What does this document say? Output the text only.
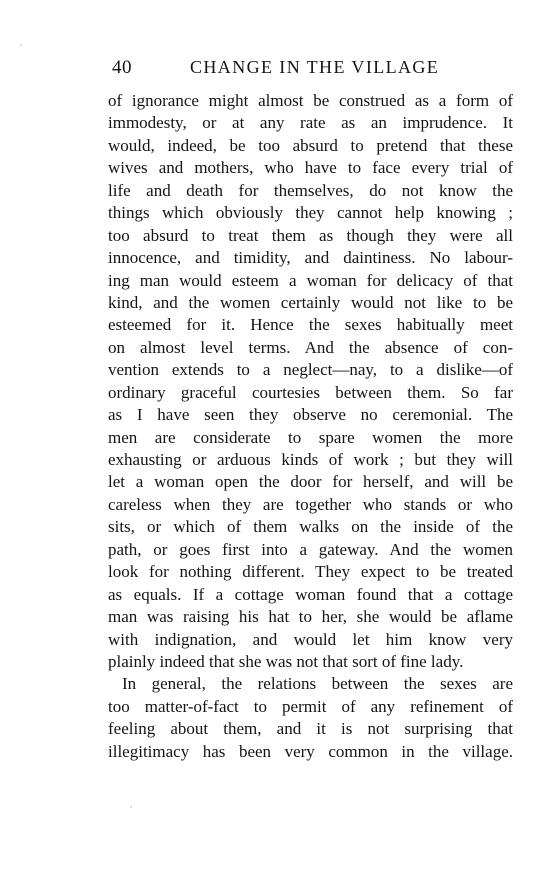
40	CHANGE IN THE VILLAGE
of ignorance might almost be construed as a form of
immodesty, or at any rate as an imprudence. It
would, indeed, be too absurd to pretend that these
wives and mothers, who have to face every trial of
life and death for themselves, do not know the
things which obviously they cannot help knowing ;
too absurd to treat them as though they were all
innocence, and timidity, and daintiness. No labour-
ing man would esteem a woman for delicacy of that
kind, and the women certainly would not like to be
esteemed for it. Hence the sexes habitually meet
on almost level terms. And the absence of con-
vention extends to a neglect—nay, to a dislike—of
ordinary graceful courtesies between them. So far
as I have seen they observe no ceremonial. The
men are considerate to spare women the more
exhausting or arduous kinds of work ; but they will
let a woman open the door for herself, and will be
careless when they are together who stands or who
sits, or which of them walks on the inside of the
path, or goes first into a gateway. And the women
look for nothing different. They expect to be treated
as equals. If a cottage woman found that a cottage
man was raising his hat to her, she would be aflame
with indignation, and would let him know very
plainly indeed that she was not that sort of fine lady.
In general, the relations between the sexes are
too matter-of-fact to permit of any refinement of
feeling about them, and it is not surprising that
illegitimacy has been very common in the village.
